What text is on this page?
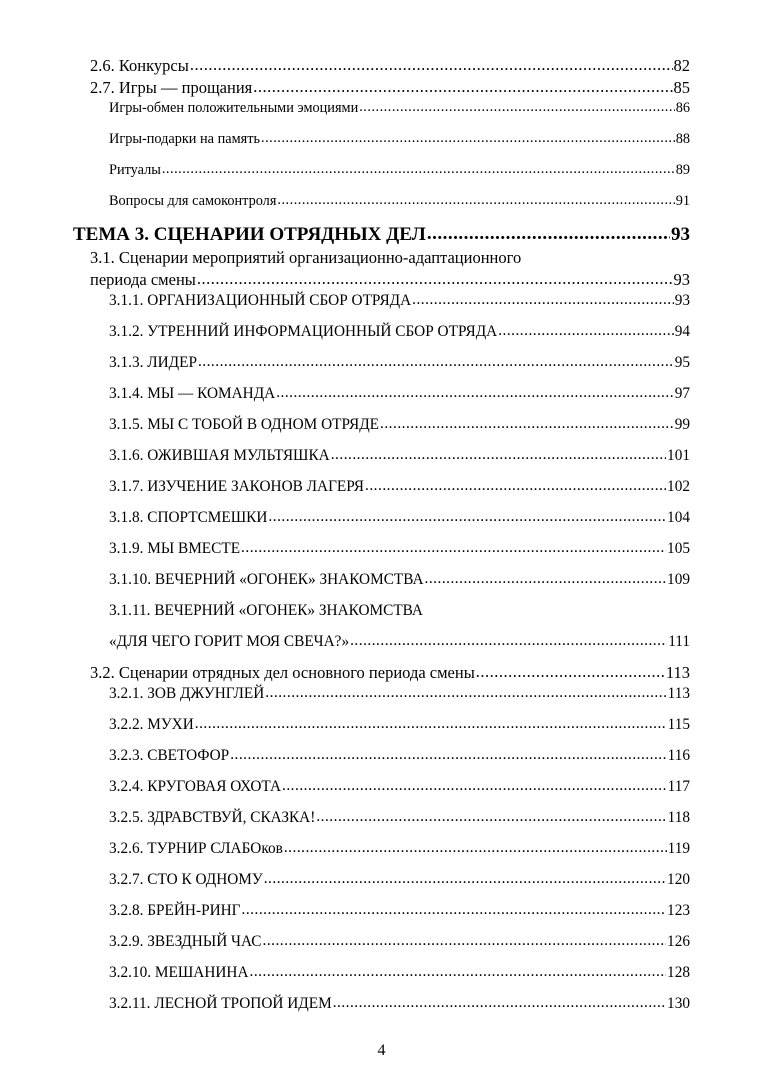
2.6. Конкурсы .....	82
2.7. Игры — прощания .....	85
Игры-обмен положительными эмоциями .....	86
Игры-подарки на память .....	88
Ритуалы .....	89
Вопросы для самоконтроля .....	91
ТЕМА 3. СЦЕНАРИИ ОТРЯДНЫХ ДЕЛ .....	93
3.1. Сценарии мероприятий организационно-адаптационного
периода смены .....	93
3.1.1. ОРГАНИЗАЦИОННЫЙ СБОР ОТРЯДА .....	93
3.1.2. УТРЕННИЙ ИНФОРМАЦИОННЫЙ СБОР ОТРЯДА .....	94
3.1.3. ЛИДЕР .....	95
3.1.4. МЫ — КОМАНДА .....	97
3.1.5. МЫ С ТОБОЙ В ОДНОМ ОТРЯДЕ .....	99
3.1.6. ОЖИВШАЯ МУЛЬТЯШКА .....	101
3.1.7. ИЗУЧЕНИЕ ЗАКОНОВ ЛАГЕРЯ .....	102
3.1.8. СПОРТСМЕШКИ .....	104
3.1.9. МЫ ВМЕСТЕ .....	105
3.1.10. ВЕЧЕРНИЙ «ОГОНЕК» ЗНАКОМСТВА .....	109
3.1.11. ВЕЧЕРНИЙ «ОГОНЕК» ЗНАКОМСТВА
«ДЛЯ ЧЕГО ГОРИТ МОЯ СВЕЧА?» .....	111
3.2. Сценарии отрядных дел основного периода смены .....	113
3.2.1. ЗОВ ДЖУНГЛЕЙ .....	113
3.2.2. МУХИ .....	115
3.2.3. СВЕТОФОР .....	116
3.2.4. КРУГОВАЯ ОХОТА .....	117
3.2.5. ЗДРАВСТВУЙ, СКАЗКА! .....	118
3.2.6. ТУРНИР СЛАБОков .....	119
3.2.7. СТО К ОДНОМУ .....	120
3.2.8. БРЕЙН-РИНГ .....	123
3.2.9. ЗВЕЗДНЫЙ ЧАС .....	126
3.2.10. МЕШАНИНА .....	128
3.2.11. ЛЕСНОЙ ТРОПОЙ ИДЕМ .....	130
4
